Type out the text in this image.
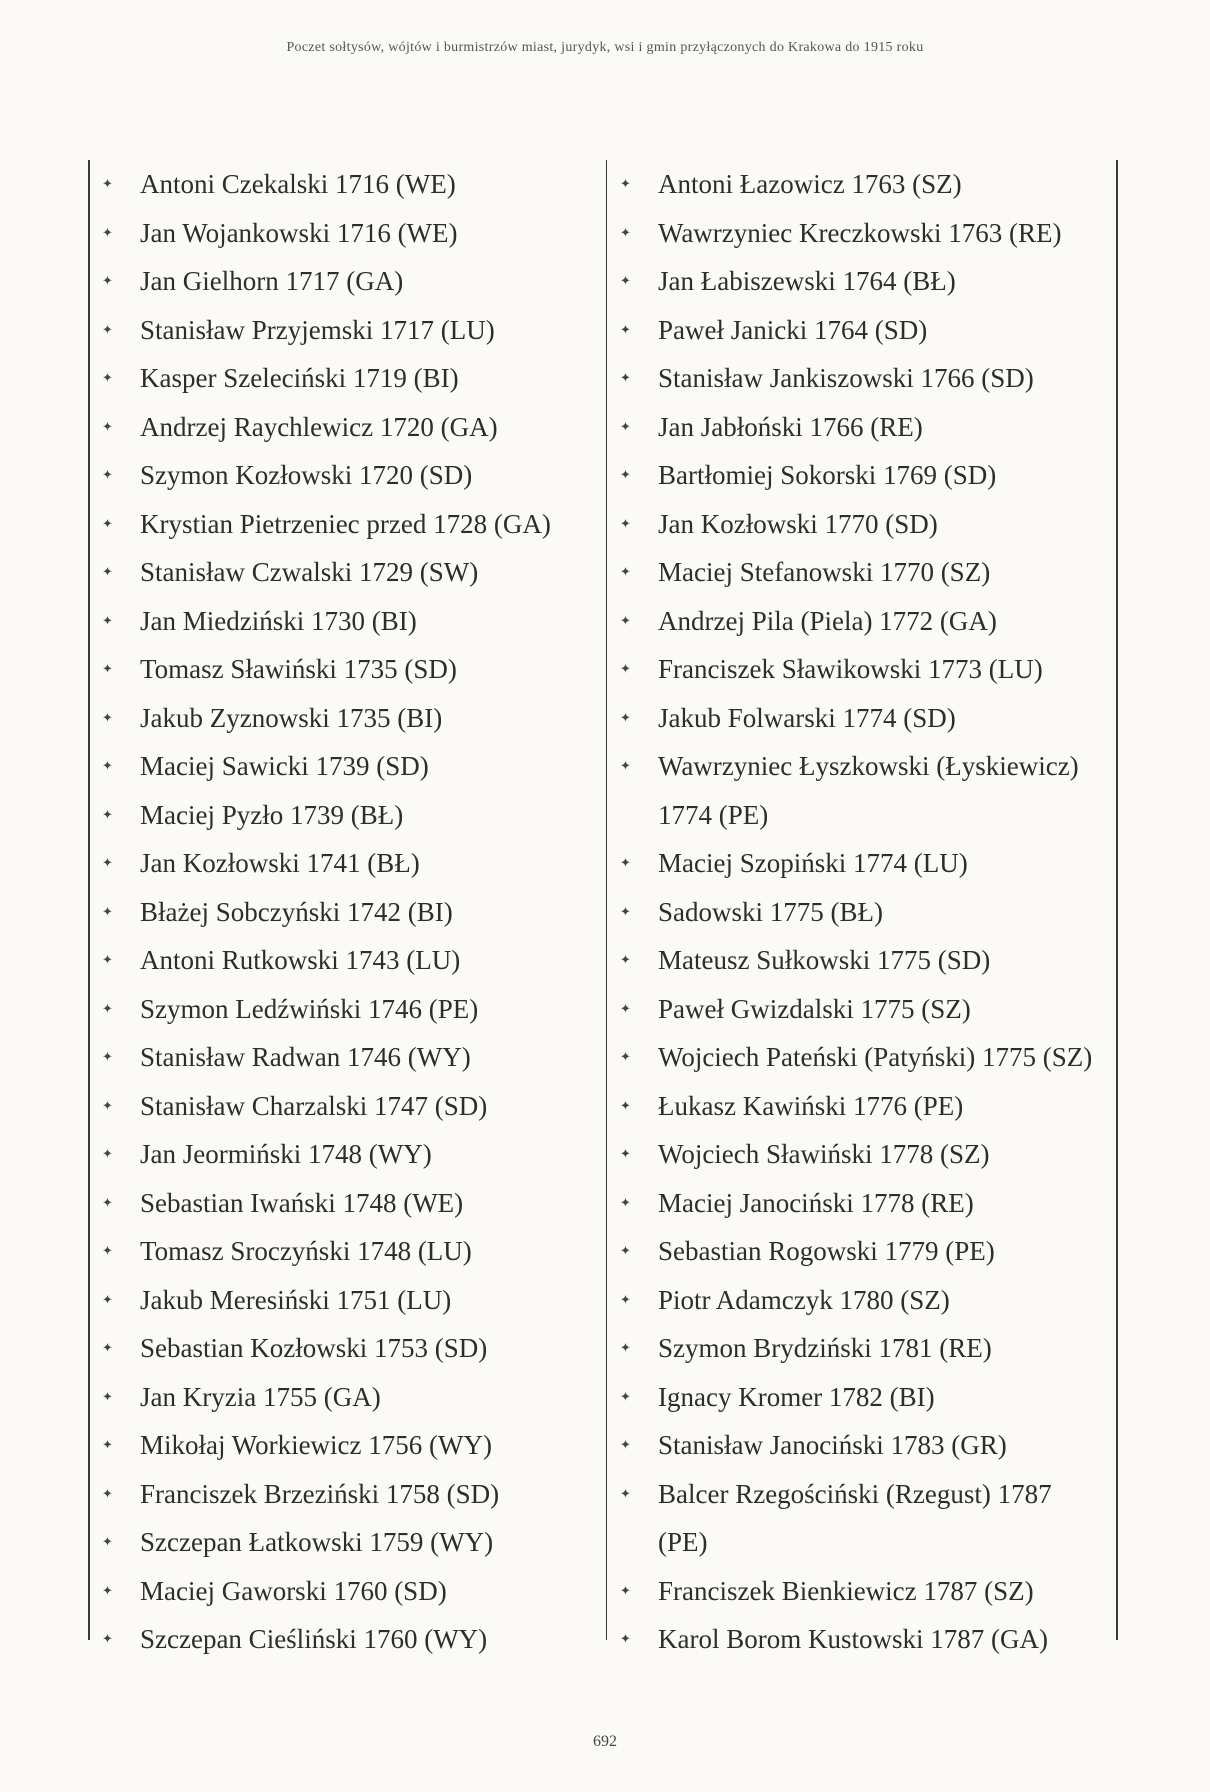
Poczet sołtysów, wójtów i burmistrzów miast, jurydyk, wsi i gmin przyłączonych do Krakowa do 1915 roku
✦ Antoni Czekalski 1716 (WE)
✦ Jan Wojankowski 1716 (WE)
✦ Jan Gielhorn 1717 (GA)
✦ Stanisław Przyjemski 1717 (LU)
✦ Kasper Szeleciński 1719 (BI)
✦ Andrzej Raychlewicz 1720 (GA)
✦ Szymon Kozłowski 1720 (SD)
✦ Krystian Pietrzeniec przed 1728 (GA)
✦ Stanisław Czwalski 1729 (SW)
✦ Jan Miedziński 1730 (BI)
✦ Tomasz Sławiński 1735 (SD)
✦ Jakub Zyznowski 1735 (BI)
✦ Maciej Sawicki 1739 (SD)
✦ Maciej Pyzło 1739 (BŁ)
✦ Jan Kozłowski 1741 (BŁ)
✦ Błażej Sobczyński 1742 (BI)
✦ Antoni Rutkowski 1743 (LU)
✦ Szymon Ledźwiński 1746 (PE)
✦ Stanisław Radwan 1746 (WY)
✦ Stanisław Charzalski 1747 (SD)
✦ Jan Jeormiński 1748 (WY)
✦ Sebastian Iwański 1748 (WE)
✦ Tomasz Sroczyński 1748 (LU)
✦ Jakub Meresiński 1751 (LU)
✦ Sebastian Kozłowski 1753 (SD)
✦ Jan Kryzia 1755 (GA)
✦ Mikołaj Workiewicz 1756 (WY)
✦ Franciszek Brzeziński 1758 (SD)
✦ Szczepan Łatkowski 1759 (WY)
✦ Maciej Gaworski 1760 (SD)
✦ Szczepan Cieśliński 1760 (WY)
✦ Antoni Łazowicz 1763 (SZ)
✦ Wawrzyniec Kreczkowski 1763 (RE)
✦ Jan Łabiszewski 1764 (BŁ)
✦ Paweł Janicki 1764 (SD)
✦ Stanisław Jankiszowski 1766 (SD)
✦ Jan Jabłoński 1766 (RE)
✦ Bartłomiej Sokorski 1769 (SD)
✦ Jan Kozłowski 1770 (SD)
✦ Maciej Stefanowski 1770 (SZ)
✦ Andrzej Pila (Piela) 1772 (GA)
✦ Franciszek Sławikowski 1773 (LU)
✦ Jakub Folwarski 1774 (SD)
✦ Wawrzyniec Łyszkowski (Łyskiewicz)
1774 (PE)
✦ Maciej Szopiński 1774 (LU)
✦ Sadowski 1775 (BŁ)
✦ Mateusz Sułkowski 1775 (SD)
✦ Paweł Gwizdalski 1775 (SZ)
✦ Wojciech Pateński (Patyński) 1775 (SZ)
✦ Łukasz Kawiński 1776 (PE)
✦ Wojciech Sławiński 1778 (SZ)
✦ Maciej Janociński 1778 (RE)
✦ Sebastian Rogowski 1779 (PE)
✦ Piotr Adamczyk 1780 (SZ)
✦ Szymon Brydziński 1781 (RE)
✦ Ignacy Kromer 1782 (BI)
✦ Stanisław Janociński 1783 (GR)
✦ Balcer Rzegościński (Rzegust) 1787
(PE)
✦ Franciszek Bienkiewicz 1787 (SZ)
✦ Karol Borom Kustowski 1787 (GA)
692
